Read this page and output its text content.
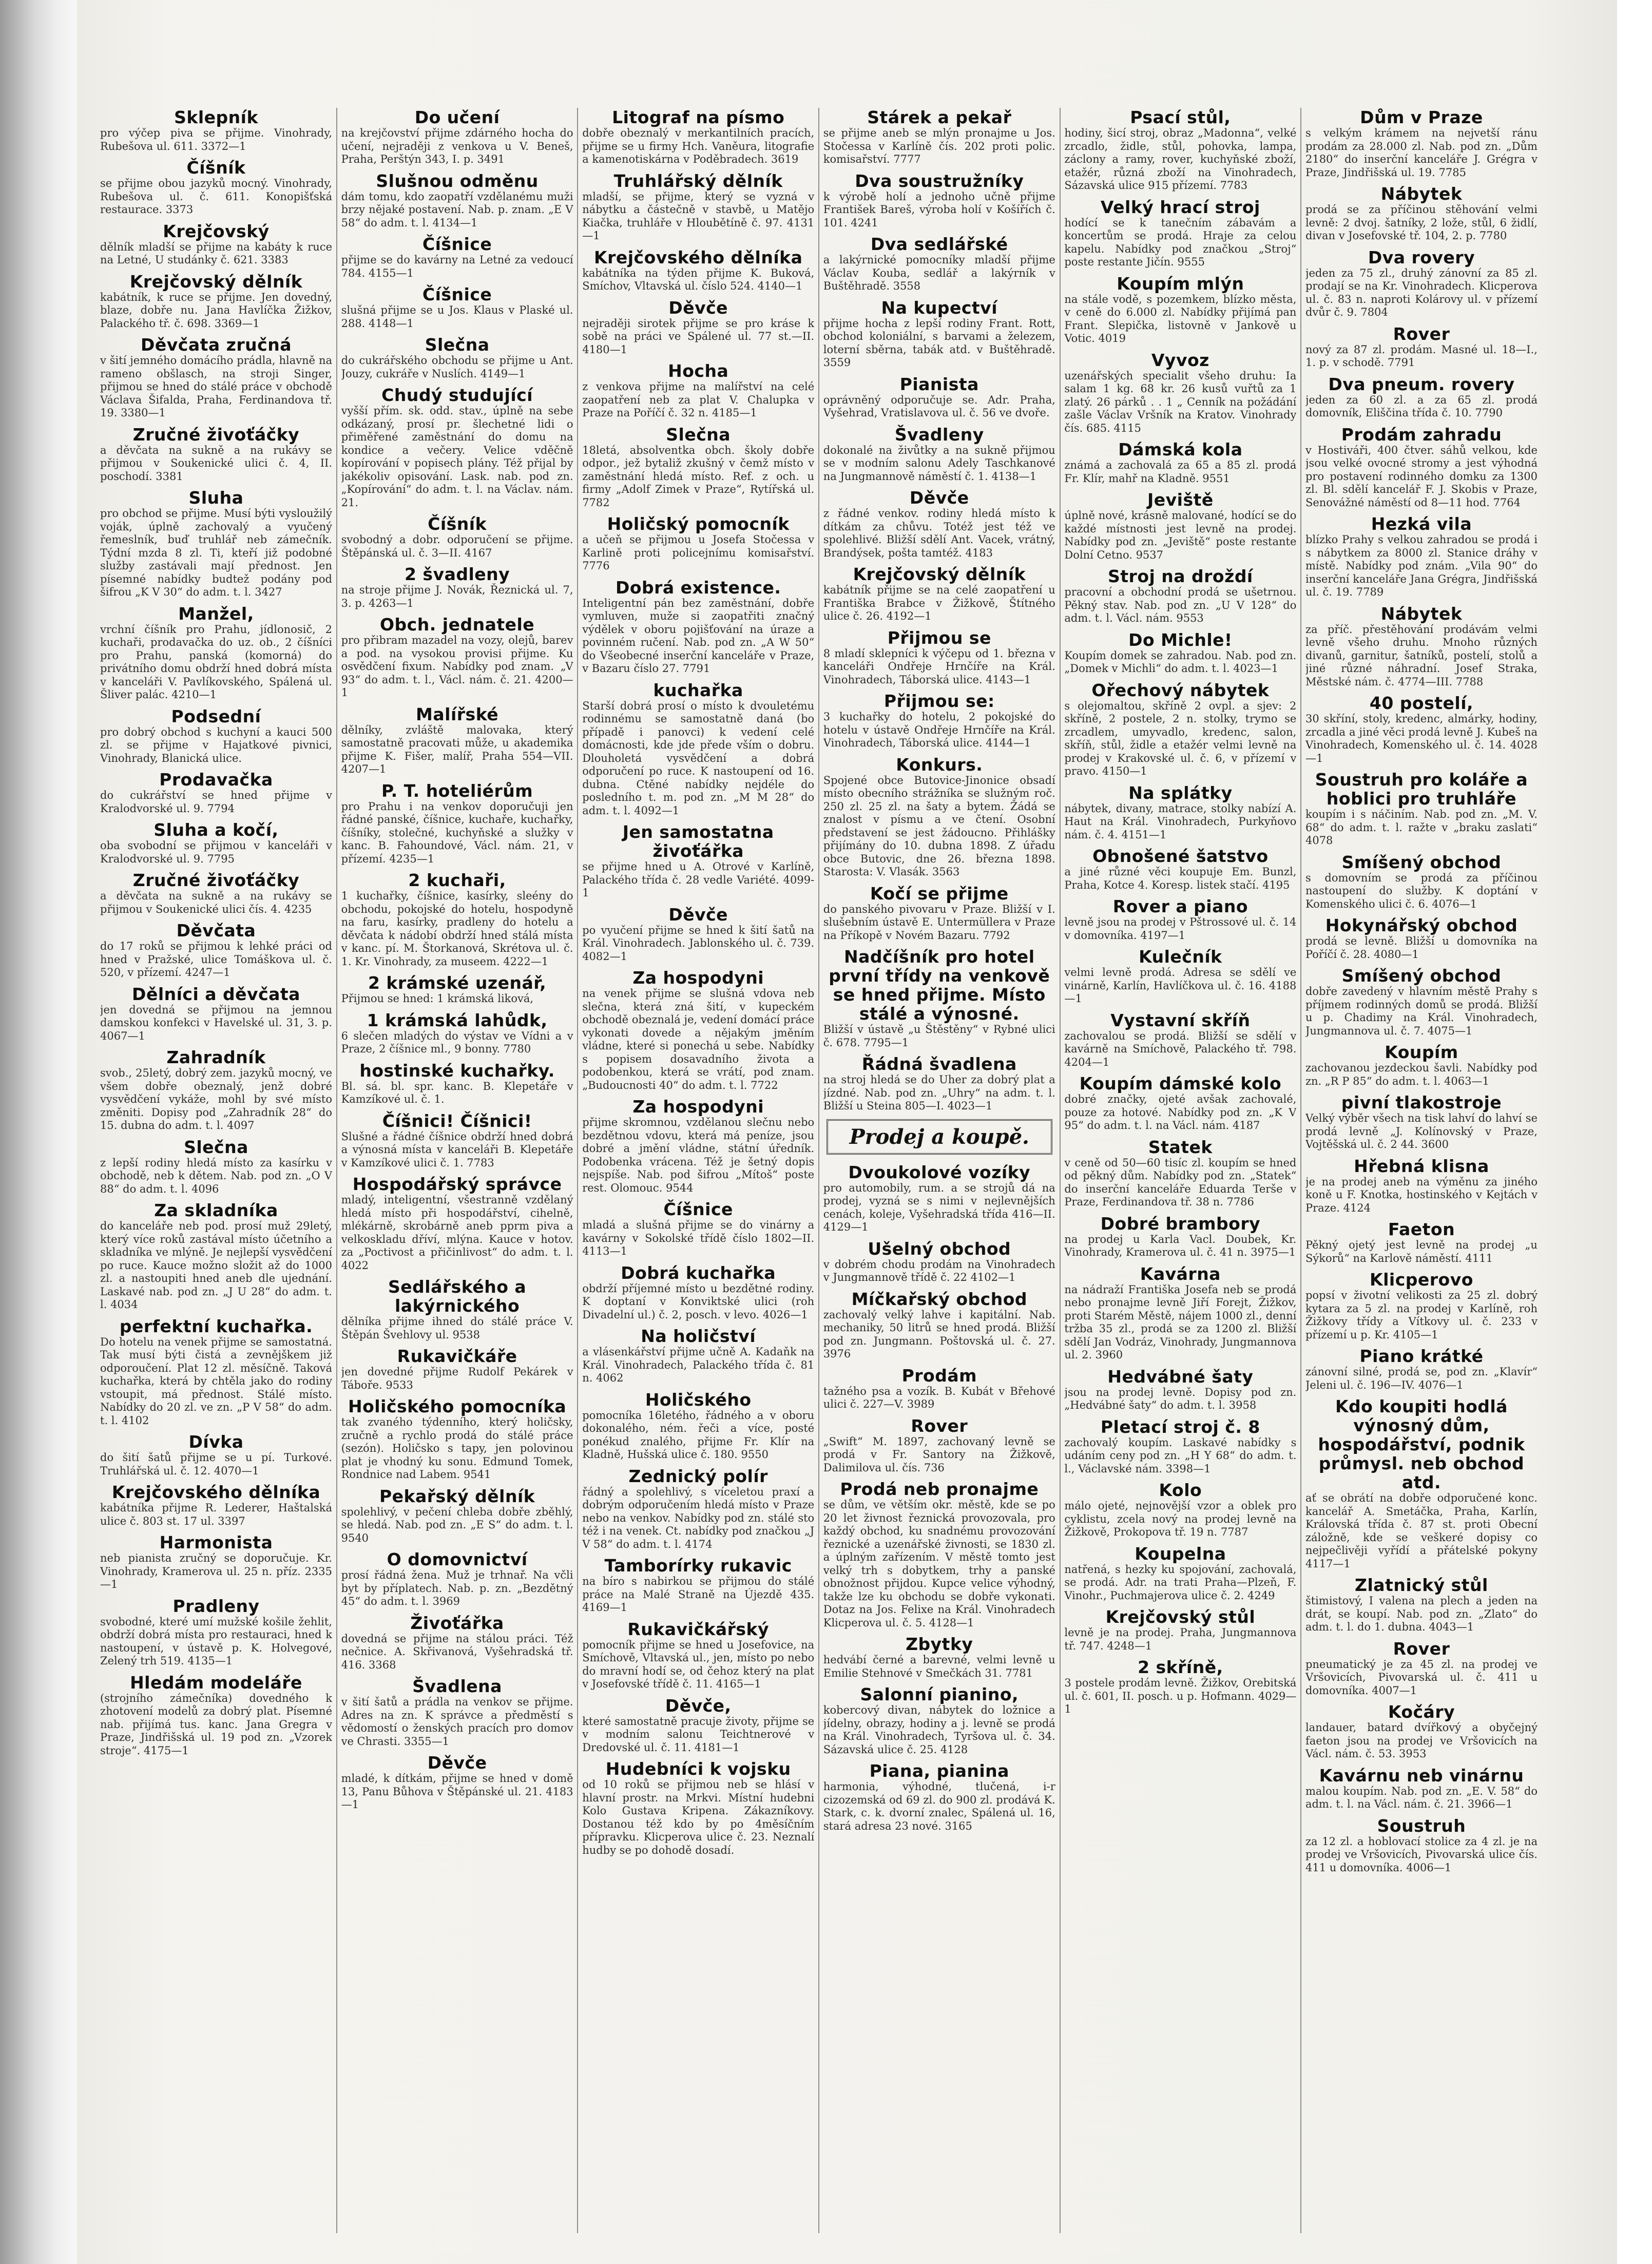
Sklepník
pro výčep piva se přijme. Vinohrady, Rubešova ul. 611. 3372—1
Číšník
se přijme obou jazyků mocný. Vinohrady, Rubešova ul. č. 611. Konopišťská restaurace. 3373
Krejčovský
dělník mladší se přijme na kabáty k ruce na Letné, U studánky č. 621. 3383
Krejčovský dělník
kabátník, k ruce se přijme. Jen dovedný, blaze, dobře nu. Jana Havlíčka Žižkov, Palackého tř. č. 698. 3369—1
Děvčata zručná
v šití jemného domácího prádla, hlavně na rameno obšlasch, na stroji Singer, přijmou se hned do stálé práce v obchodě Václava Šifalda, Praha, Ferdinandova tř. 19. 3380—1
Zručné živoťáčky
a děvčata na sukně a na rukávy se přijmou v Soukenické ulici č. 4, II. poschodí. 3381
Sluha
pro obchod se přijme. Musí býti vysloužilý voják, úplně zachovalý a vyučený řemeslník, buď truhlář neb zámečník. Týdní mzda 8 zl. Ti, kteří již podobné služby zastávali mají přednost. Jen písemné nabídky budtež podány pod šifrou „K V 30“ do adm. t. l. 3427
Manžel,
vrchní číšník pro Prahu, jídlonosič, 2 kuchaři, prodavačka do uz. ob., 2 číšníci pro Prahu, panská (komorná) do privátního domu obdrží hned dobrá místa v kanceláři V. Pavlíkovského, Spálená ul. Šliver palác. 4210—1
Podsední
pro dobrý obchod s kuchyní a kauci 500 zl. se přijme v Hajatkové pivnici, Vinohrady, Blanická ulice.
Prodavačka
do cukrářství se hned přijme v Kralodvorské ul. 9. 7794
Sluha a kočí,
oba svobodní se přijmou v kanceláři v Kralodvorské ul. 9. 7795
Zručné živoťáčky
a děvčata na sukně a na rukávy se přijmou v Soukenické ulici čís. 4. 4235
Děvčata
do 17 roků se přijmou k lehké práci od hned v Pražské, ulice Tomáškova ul. č. 520, v přízemí. 4247—1
Dělníci a děvčata
jen dovedná se přijmou na jemnou damskou konfekci v Havelské ul. 31, 3. p. 4067—1
Zahradník
svob., 25letý, dobrý zem. jazyků mocný, ve všem dobře obeznalý, jenž dobré vysvědčení vykáže, mohl by své místo změniti. Dopisy pod „Zahradník 28“ do 15. dubna do adm. t. l. 4097
Slečna
z lepší rodiny hledá místo za kasírku v obchodě, neb k dětem. Nab. pod zn. „O V 88“ do adm. t. l. 4096
Za skladníka
do kanceláře neb pod. prosí muž 29letý, který více roků zastával místo účetního a skladníka ve mlýně. Je nejlepší vysvědčení po ruce. Kauce možno složit až do 1000 zl. a nastoupiti hned aneb dle ujednání. Laskavé nab. pod zn. „J U 28“ do adm. t. l. 4034
perfektní kuchařka.
Do hotelu na venek přijme se samostatná. Tak musí býti čistá a zevnějškem již odporoučení. Plat 12 zl. měsíčně. Taková kuchařka, která by chtěla jako do rodiny vstoupit, má přednost. Stálé místo. Nabídky do 20 zl. ve zn. „P V 58“ do adm. t. l. 4102
Dívka
do šití šatů přijme se u pí. Turkové. Truhlářská ul. č. 12. 4070—1
Krejčovského dělníka
kabátníka přijme R. Lederer, Haštalská ulice č. 803 st. 17 ul. 3397
Harmonista
neb pianista zručný se doporučuje. Kr. Vinohrady, Kramerova ul. 25 n. příz. 2335—1
Pradleny
svobodné, které umí mužské košile žehlit, obdrží dobrá místa pro restauraci, hned k nastoupení, v ústavě p. K. Holvegové, Zelený trh 519. 4135—1
Hledám modeláře
(strojního zámečníka) dovedného k zhotovení modelů za dobrý plat. Písemné nab. přijímá tus. kanc. Jana Gregra v Praze, Jindřišská ul. 19 pod zn. „Vzorek stroje“. 4175—1
Do učení
na krejčovství přijme zdárného hocha do učení, nejraději z venkova u V. Beneš, Praha, Perštýn 343, I. p. 3491
Slušnou odměnu
dám tomu, kdo zaopatří vzdělanému muži brzy nějaké postavení. Nab. p. znam. „E V 58“ do adm. t. l. 4134—1
Číšnice
přijme se do kavárny na Letné za vedoucí 784. 4155—1
Číšnice
slušná přijme se u Jos. Klaus v Plaské ul. 288. 4148—1
Slečna
do cukrářského obchodu se přijme u Ant. Jouzy, cukráře v Nuslích. 4149—1
Chudý studující
vyšší přím. sk. odd. stav., úplně na sebe odkázaný, prosí pr. šlechetné lidi o přiměřené zaměstnání do domu na kondice a večery. Velice vděčně kopírování v popisech plány. Též přijal by jakékoliv opisování. Lask. nab. pod zn. „Kopírování“ do adm. t. l. na Václav. nám. 21.
Číšník
svobodný a dobr. odporučení se přijme. Štěpánská ul. č. 3—II. 4167
2 švadleny
na stroje přijme J. Novák, Řeznická ul. 7, 3. p. 4263—1
Obch. jednatele
pro přibram mazadel na vozy, olejů, barev a pod. na vysokou provisi přijme. Ku osvědčení fixum. Nabídky pod znam. „V 93“ do adm. t. l., Václ. nám. č. 21. 4200—1
Malířské
dělníky, zvláště malovaka, který samostatně pracovati může, u akademika přijme K. Fišer, malíř, Praha 554—VII. 4207—1
P. T. hoteliérům
pro Prahu i na venkov doporučuji jen řádné panské, číšnice, kuchaře, kuchařky, číšníky, stolečné, kuchyňské a služky v kanc. B. Fahoundové, Václ. nám. 21, v přízemí. 4235—1
2 kuchaři,
1 kuchařky, číšnice, kasírky, sleény do obchodu, pokojské do hotelu, hospodyně na faru, kasírky, pradleny do hotelu a děvčata k nádobí obdrží hned stálá místa v kanc. pí. M. Štorkanová, Skrétova ul. č. 1. Kr. Vinohrady, za museem. 4222—1
2 krámské uzenář,
Přijmou se hned: 1 krámská liková,
1 krámská lahůdk,
6 slečen mladých do výstav ve Vídni a v Praze, 2 číšnice ml., 9 bonny. 7780
hostinské kuchařky.
Bl. sá. bl. spr. kanc. B. Klepetáře v Kamzíkové ul. č. 1.
Číšnici! Číšnici!
Slušné a řádné číšnice obdrží hned dobrá a výnosná místa v kanceláři B. Klepetáře v Kamzíkové ulici č. 1. 7783
Hospodářský správce
mladý, inteligentní, všestranně vzdělaný hledá místo při hospodářství, cihelně, mlékárně, skrobárně aneb pprm piva a velkoskladu dříví, mlýna. Kauce v hotov. za „Poctivost a přičinlivost“ do adm. t. l. 4022
Sedlářského a lakýrnického
dělníka přijme ihned do stálé práce V. Štěpán Švehlovy ul. 9538
Rukavičkáře
jen dovedné přijme Rudolf Pekárek v Táboře. 9533
Holičského pomocníka
tak zvaného týdenního, který holičsky, zručně a rychlo prodá do stálé práce (sezón). Holičsko s tapy, jen polovinou plat je vhodný ku sonu. Edmund Tomek, Rondnice nad Labem. 9541
Pekařský dělník
spolehlivý, v pečení chleba dobře zběhlý, se hledá. Nab. pod zn. „E S“ do adm. t. l. 9540
O domovnictví
prosí řádná žena. Muž je trhnař. Na včli byt by příplatech. Nab. p. zn. „Bezdětný 45“ do adm. t. l. 3969
Živoťářka
dovedná se přijme na stálou práci. Též nečnice. A. Skřivanová, Vyšehradská tř. 416. 3368
Švadlena
v šití šatů a prádla na venkov se přijme. Adres na zn. K správce a předměstí s vědomostí o ženských pracích pro domov ve Chrasti. 3355—1
Děvče
mladé, k dítkám, přijme se hned v domě 13, Panu Bůhova v Štěpánské ul. 21. 4183—1
Litograf na písmo
dobře obeznalý v merkantilních pracích, přijme se u firmy Hch. Vaněura, litografie a kamenotiskárna v Poděbradech. 3619
Truhlářský dělník
mladší, se přijme, který se vyzná v nábytku a částečně v stavbě, u Matějo Kiačka, truhláře v Hloubětíně č. 97. 4131—1
Krejčovského dělníka
kabátníka na týden přijme K. Buková, Smíchov, Vltavská ul. číslo 524. 4140—1
Děvče
nejraději sirotek přijme se pro kráse k sobě na práci ve Spálené ul. 77 st.—II. 4180—1
Hocha
z venkova přijme na malířství na celé zaopatření neb za plat V. Chalupka v Praze na Poříčí č. 32 n. 4185—1
Slečna
18letá, absolventka obch. školy dobře odpor., jež bytaliž zkušný v čemž místo v zaměstnání hledá místo. Ref. z och. u firmy „Adolf Zimek v Praze“, Rytířská ul. 7782
Holičský pomocník
a učeň se přijmou u Josefa Stočessa v Karlině proti policejnímu komisařství. 7776
Dobrá existence.
Inteligentní pán bez zaměstnání, dobře vymluven, muže si zaopatřiti značný výdělek v oboru pojišťování na úraze a povinném ručení. Nab. pod zn. „A W 50“ do Všeobecné inserční kanceláře v Praze, v Bazaru číslo 27. 7791
kuchařka
Starší dobrá prosí o místo k dvouletému rodinnému se samostatně daná (bo případě i panovci) k vedení celé domácnosti, kde jde přede vším o dobru. Dlouholetá vysvědčení a dobrá odporučení po ruce. K nastoupení od 16. dubna. Ctěné nabídky nejdéle do posledního t. m. pod zn. „M M 28“ do adm. t. l. 4092—1
Jen samostatna živoťářka
se přijme hned u A. Otrové v Karlíně, Palackého třída č. 28 vedle Variété. 4099-1
Děvče
po vyučení přijme se hned k šití šatů na Král. Vinohradech. Jablonského ul. č. 739. 4082—1
Za hospodyni
na venek přijme se slušná vdova neb slečna, která zná šití, v kupeckém obchodě obeznalá je, vedení domácí práce vykonati dovede a nějakým jměním vládne, které si ponechá u sebe. Nabídky s popisem dosavadního života a podobenkou, která se vrátí, pod znam. „Budoucnosti 40“ do adm. t. l. 7722
Za hospodyni
přijme skromnou, vzdělanou slečnu nebo bezdětnou vdovu, která má peníze, jsou dobré a jmění vládne, státní úředník. Podobenka vrácena. Též je šetný dopis nejspíše. Nab. pod šifrou „Mítoš“ poste rest. Olomouc. 9544
Číšnice
mladá a slušná přijme se do vinárny a kavárny v Sokolské třídě číslo 1802—II. 4113—1
Dobrá kuchařka
obdrží příjemné místo u bezdětné rodiny. K doptaní v Konviktské ulici (roh Divadelní ul.) č. 2, posch. v levo. 4026—1
Na holičství
a vlásenkářství přijme učně A. Kadaňk na Král. Vinohradech, Palackého třída č. 81 n. 4062
Holičského
pomocníka 16letého, řádného a v oboru dokonalého, ném. řeči a více, posté ponékud znalého, přijme Fr. Klír na Kladně, Hušská ulice č. 180. 9550
Zednický polír
řádný a spolehlivý, s víceletou praxí a dobrým odporučením hledá místo v Praze nebo na venkov. Nabídky pod zn. stálé sto též i na venek. Ct. nabídky pod značkou „J V 58“ do adm. t. l. 4174
Tamborírky rukavic
na bíro s nabirkou se přijmou do stálé práce na Malé Straně na Újezdě 435. 4169—1
Rukavičkářský
pomocník přijme se hned u Josefovice, na Smíchově, Vltavská ul., jen, místo po nebo do mravní hodí se, od čehoz který na plat v Josefovské třídě č. 11. 4165—1
Děvče,
které samostatně pracuje životy, přijme se v modním salonu Teichtnerové v Dredovské ul. č. 11. 4181—1
Hudebníci k vojsku
od 10 roků se přijmou neb se hlásí v hlavní prostr. na Mrkvi. Místní hudebni Kolo Gustava Kripena. Zákazníkovy. Dostanou též kdo by po 4měsíčním přípravku. Klicperova ulice č. 23. Neznalí hudby se po dohodě dosadí.
Stárek a pekař
se přijme aneb se mlýn pronajme u Jos. Stočessa v Karlíně čís. 202 proti polic. komisařství. 7777
Dva soustružníky
k výrobě holí a jednoho učně přijme František Bareš, výroba holí v Košířích č. 101. 4241
Dva sedlářské
a lakýrnické pomocníky mladší přijme Václav Kouba, sedlář a lakýrník v Buštěhradě. 3558
Na kupectví
přijme hocha z lepší rodiny Frant. Rott, obchod koloniální, s barvami a železem, loterní sběrna, tabák atd. v Buštěhradě. 3559
Pianista
oprávněný odporučuje se. Adr. Praha, Vyšehrad, Vratislavova ul. č. 56 ve dvoře.
Švadleny
dokonalé na živůtky a na sukně přijmou se v modním salonu Adely Taschkanové na Jungmannově náměstí č. 1. 4138—1
Děvče
z řádné venkov. rodiny hledá místo k dítkám za chůvu. Totéž jest též ve spolehlivé. Bližší sdělí Ant. Vacek, vrátný, Brandýsek, pošta tamtéž. 4183
Krejčovský dělník
kabátník přijme se na celé zaopatření u Františka Brabce v Žižkově, Štítného ulice č. 26. 4192—1
Přijmou se
8 mladí sklepníci k výčepu od 1. března v kanceláři Ondřeje Hrnčíře na Král. Vinohradech, Táborská ulice. 4143—1
Přijmou se:
3 kuchařky do hotelu, 2 pokojské do hotelu v ústavě Ondřeje Hrnčíře na Král. Vinohradech, Táborská ulice. 4144—1
Konkurs.
Spojené obce Butovice-Jinonice obsadí místo obecního strážníka se služným roč. 250 zl. 25 zl. na šaty a bytem. Žádá se znalost v písmu a ve čtení. Osobní představení se jest žádoucno. Přihlášky přijímány do 10. dubna 1898. Z úřadu obce Butovic, dne 26. března 1898. Starosta: V. Vlasák. 3563
Kočí se přijme
do panského pivovaru v Praze. Bližší v I. slušebním ústavě E. Untermüllera v Praze na Příkopě v Novém Bazaru. 7792
Nadčíšník pro hotel první třídy na venkově se hned přijme. Místo stálé a výnosné.
Bližší v ústavě „u Štěstěny“ v Rybné ulici č. 678. 7795—1
Řádná švadlena
na stroj hledá se do Uher za dobrý plat a jízdné. Nab. pod zn. „Uhry“ na adm. t. l. Bližší u Steina 805—I. 4023—1
Prodej a koupě.
Dvoukolové vozíky
pro automobily, rum. a se strojů dá na prodej, vyzná se s nimi v nejlevnějších cenách, koleje, Vyšehradská třída 416—II. 4129—1
Ušelný obchod
v dobrém chodu prodám na Vinohradech v Jungmannově třídě č. 22 4102—1
Míčkařský obchod
zachovalý velký lahve i kapitální. Nab. mechaniky, 50 litrů se hned prodá. Bližší pod zn. Jungmann. Poštovská ul. č. 27. 3976
Prodám
tažného psa a vozík. B. Kubát v Břehové ulici č. 227—V. 3989
Rover
„Swift“ M. 1897, zachovaný levně se prodá v Fr. Santory na Žižkově, Dalimilova ul. čís. 736
Prodá neb pronajme
se dům, ve větším okr. městě, kde se po 20 let živnost řeznická provozovala, pro každý obchod, ku snadnému provozování řeznické a uzenářské živnosti, se 1830 zl. a úplným zařízením. V městě tomto jest velký trh s dobytkem, trhy a panské obnožnost přijdou. Kupce velice výhodný, takže lze ku obchodu se dobře vykonati. Dotaz na Jos. Felixe na Král. Vinohradech Klicperova ul. č. 5. 4128—1
Zbytky
hedvábí černé a barevné, velmi levně u Emilie Stehnové v Smečkách 31. 7781
Salonní pianino,
kobercový divan, nábytek do ložnice a jídelny, obrazy, hodiny a j. levně se prodá na Král. Vinohradech, Tyršova ul. č. 34. Sázavská ulice č. 25. 4128
Piana, pianina
harmonia, výhodné, tlučená, i-r cizozemská od 69 zl. do 900 zl. prodává K. Stark, c. k. dvorní znalec, Spálená ul. 16, stará adresa 23 nové. 3165
Psací stůl,
hodiny, šicí stroj, obraz „Madonna“, velké zrcadlo, židle, stůl, pohovka, lampa, záclony a ramy, rover, kuchyňské zboží, etažér, různá zboží na Vinohradech, Sázavská ulice 915 přízemí. 7783
Velký hrací stroj
hodící se k tanečním zábavám a koncertům se prodá. Hraje za celou kapelu. Nabídky pod značkou „Stroj“ poste restante Jičín. 9555
Koupím mlýn
na stále vodě, s pozemkem, blízko města, v ceně do 6.000 zl. Nabídky přijímá pan Frant. Slepička, listovně v Jankově u Votic. 4019
Vyvoz
uzenářských specialit všeho druhu: Ia salam 1 kg. 68 kr. 26 kusů vuřtů za 1 zlatý. 26 párků . . 1 „ Cenník na požádání zašle Václav Vršník na Kratov. Vinohrady čís. 685. 4115
Dámská kola
známá a zachovalá za 65 a 85 zl. prodá Fr. Klír, mahř na Kladně. 9551
Jeviště
úplně nové, krásně malované, hodící se do každé místnosti jest levně na prodej. Nabídky pod zn. „Jeviště“ poste restante Dolní Cetno. 9537
Stroj na droždí
pracovní a obchodní prodá se ušetrnou. Pěkný stav. Nab. pod zn. „U V 128“ do adm. t. l. Václ. nám. 9553
Do Michle!
Koupím domek se zahradou. Nab. pod zn. „Domek v Michli“ do adm. t. l. 4023—1
Ořechový nábytek
s olejomaltou, skříně 2 ovpl. a sjev: 2 skříně, 2 postele, 2 n. stolky, trymo se zrcadlem, umyvadlo, kredenc, salon, skříň, stůl, židle a etažér velmi levně na prodej v Krakovské ul. č. 6, v přízemí v pravo. 4150—1
Na splátky
nábytek, divany, matrace, stolky nabízí A. Haut na Král. Vinohradech, Purkyňovo nám. č. 4. 4151—1
Obnošené šatstvo
a jiné různé věci koupuje Em. Bunzl, Praha, Kotce 4. Koresp. listek stačí. 4195
Rover a piano
levně jsou na prodej v Pštrossové ul. č. 14 v domovníka. 4197—1
Kulečník
velmi levně prodá. Adresa se sdělí ve vinárně, Karlín, Havlíčkova ul. č. 16. 4188—1
Vystavní skříň
zachovalou se prodá. Bližší se sdělí v kavárně na Smíchově, Palackého tř. 798. 4204—1
Koupím dámské kolo
dobré značky, ojeté avšak zachovalé, pouze za hotové. Nabídky pod zn. „K V 95“ do adm. t. l. na Václ. nám. 4187
Statek
v ceně od 50—60 tisíc zl. koupím se hned od pěkný dům. Nabídky pod zn. „Statek“ do inserční kanceláře Eduarda Terše v Praze, Ferdinandova tř. 38 n. 7786
Dobré brambory
na prodej u Karla Vacl. Doubek, Kr. Vinohrady, Kramerova ul. č. 41 n. 3975—1
Kavárna
na nádraží Františka Josefa neb se prodá nebo pronajme levně Jiří Forejt, Žižkov, proti Starém Městě, nájem 1000 zl., denní tržba 35 zl., prodá se za 1200 zl. Bližší sdělí Jan Vodráz, Vinohrady, Jungmannova ul. 2. 3960
Hedvábné šaty
jsou na prodej levně. Dopisy pod zn. „Hedvábné šaty“ do adm. t. l. 3958
Pletací stroj č. 8
zachovalý koupím. Laskavé nabídky s udáním ceny pod zn. „H Y 68“ do adm. t. l., Václavské nám. 3398—1
Kolo
málo ojeté, nejnovější vzor a oblek pro cyklistu, zcela nový na prodej levně na Žižkově, Prokopova tř. 19 n. 7787
Koupelna
natřená, s hezky ku spojování, zachovalá, se prodá. Adr. na trati Praha—Plzeň, F. Vinohr., Puchmajerova ulice č. 2. 4249
Krejčovský stůl
levně je na prodej. Praha, Jungmannova tř. 747. 4248—1
2 skříně,
3 postele prodám levně. Žižkov, Orebitská ul. č. 601, II. posch. u p. Hofmann. 4029—1
Dům v Praze
s velkým krámem na nejvetší ránu prodám za 28.000 zl. Nab. pod zn. „Dům 2180“ do inserční kanceláře J. Grégra v Praze, Jindřišská ul. 19. 7785
Nábytek
prodá se za příčinou stěhování velmi levně: 2 dvoj. šatníky, 2 lože, stůl, 6 židlí, divan v Josefovské tř. 104, 2. p. 7780
Dva rovery
jeden za 75 zl., druhý zánovní za 85 zl. prodají se na Kr. Vinohradech. Klicperova ul. č. 83 n. naproti Kolárovy ul. v přízemí dvůr č. 9. 7804
Rover
nový za 87 zl. prodám. Masné ul. 18—I., 1. p. v schodě. 7791
Dva pneum. rovery
jeden za 60 zl. a za 65 zl. prodá domovník, Eliščina třída č. 10. 7790
Prodám zahradu
v Hostiváři, 400 čtver. sáhů velkou, kde jsou velké ovocné stromy a jest výhodná pro postavení rodinného domku za 1300 zl. Bl. sdělí kancelář F. J. Skobis v Praze, Senovážné náměstí od 8—11 hod. 7764
Hezká vila
blízko Prahy s velkou zahradou se prodá i s nábytkem za 8000 zl. Stanice dráhy v místě. Nabídky pod znám. „Vila 90“ do inserční kanceláře Jana Grégra, Jindřišská ul. č. 19. 7789
Nábytek
za příč. přestěhování prodávám velmi levně všeho druhu. Mnoho různých divanů, garnitur, šatníků, postelí, stolů a jiné různé náhradní. Josef Straka, Městské nám. č. 4774—III. 7788
40 postelí,
30 skříní, stoly, kredenc, almárky, hodiny, zrcadla a jiné věci prodá levně J. Kubeš na Vinohradech, Komenského ul. č. 14. 4028—1
Soustruh pro koláře a hoblici pro truhláře
koupím i s náčiním. Nab. pod zn. „M. V. 68“ do adm. t. l. ražte v „braku zaslati“ 4078
Smíšený obchod
s domovním se prodá za příčinou nastoupení do služby. K doptání v Komenského ulici č. 6. 4076—1
Hokynářský obchod
prodá se levně. Bližší u domovníka na Poříčí č. 28. 4080—1
Smíšený obchod
dobře zavedený v hlavním městě Prahy s příjmem rodinných domů se prodá. Bližší u p. Chadimy na Král. Vinohradech, Jungmannova ul. č. 7. 4075—1
Koupím
zachovanou jezdeckou šavli. Nabídky pod zn. „R P 85“ do adm. t. l. 4063—1
pivní tlakostroje
Velký výběr všech na tisk lahví do lahví se prodá levně „J. Kolínovský v Praze, Vojtěšská ul. č. 2 44. 3600
Hřebná klisna
je na prodej aneb na výměnu za jiného koně u F. Knotka, hostinského v Kejtách v Praze. 4124
Faeton
Pěkný ojetý jest levně na prodej „u Sýkorů“ na Karlově náměstí. 4111
Klicperovo
popsí v životní velikosti za 25 zl. dobrý kytara za 5 zl. na prodej v Karlíně, roh Žižkovy třídy a Vítkovy ul. č. 233 v přízemí u p. Kr. 4105—1
Piano krátké
zánovní silné, prodá se, pod zn. „Klavír“ Jeleni ul. č. 196—IV. 4076—1
Kdo koupiti hodlá výnosný dům, hospodářství, podnik průmysl. neb obchod atd.
ať se obrátí na dobře odporučené konc. kancelář A. Smetáčka, Praha, Karlín, Královská třída č. 87 st. proti Obecní záložně, kde se veškeré dopisy co nejpečlivěji vyřídí a přátelské pokyny 4117—1
Zlatnický stůl
štimistový, I valena na plech a jeden na drát, se koupí. Nab. pod zn. „Zlato“ do adm. t. l. do 1. dubna. 4043—1
Rover
pneumatický je za 45 zl. na prodej ve Vršovicích, Pivovarská ul. č. 411 u domovníka. 4007—1
Kočáry
landauer, batard dvířkový a obyčejný faeton jsou na prodej ve Vršovicích na Václ. nám. č. 53. 3953
Kavárnu neb vinárnu
malou koupím. Nab. pod zn. „E. V. 58“ do adm. t. l. na Václ. nám. č. 21. 3966—1
Soustruh
za 12 zl. a hoblovací stolice za 4 zl. je na prodej ve Vršovicích, Pivovarská ulice čís. 411 u domovníka. 4006—1
